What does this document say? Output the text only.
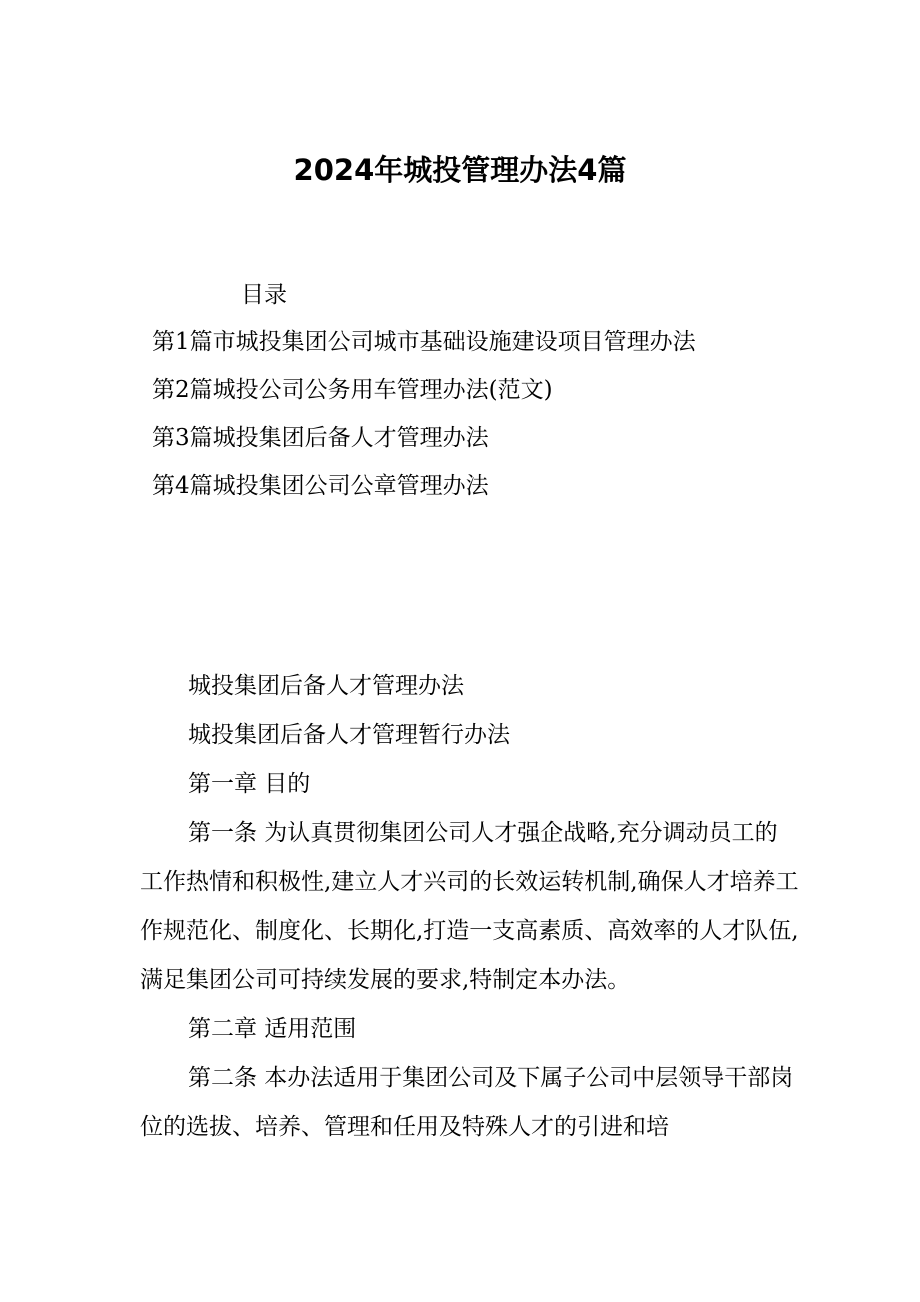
2024年城投管理办法4篇
目录
第1篇市城投集团公司城市基础设施建设项目管理办法
第2篇城投公司公务用车管理办法(范文)
第3篇城投集团后备人才管理办法
第4篇城投集团公司公章管理办法

城投集团后备人才管理办法

城投集团后备人才管理暂行办法

第一章 目的

第一条 为认真贯彻集团公司人才强企战略,充分调动员工的工作热情和积极性,建立人才兴司的长效运转机制,确保人才培养工作规范化、制度化、长期化,打造一支高素质、高效率的人才队伍,满足集团公司可持续发展的要求,特制定本办法。

第二章 适用范围

第二条 本办法适用于集团公司及下属子公司中层领导干部岗位的选拔、培养、管理和任用及特殊人才的引进和培
